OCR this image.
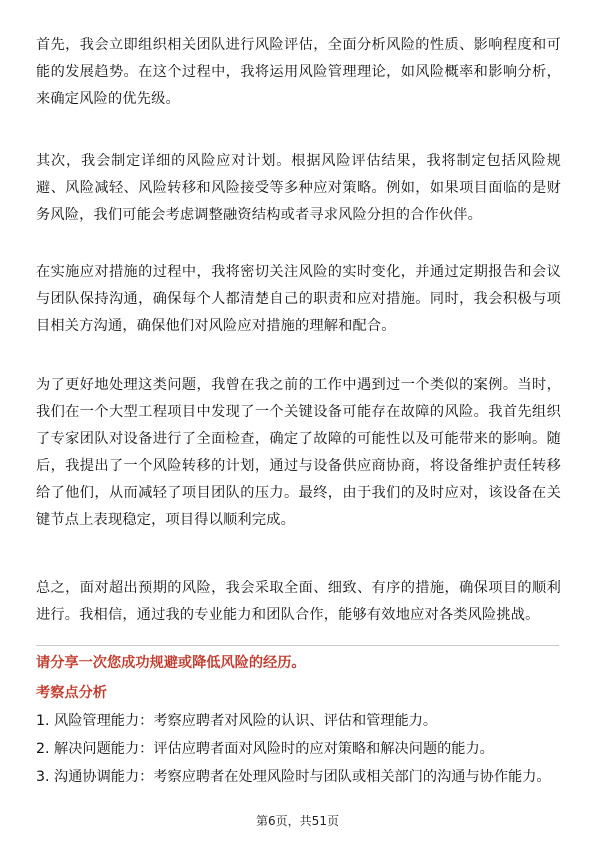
首先，我会立即组织相关团队进行风险评估，全面分析风险的性质、影响程度和可能的发展趋势。在这个过程中，我将运用风险管理理论，如风险概率和影响分析，来确定风险的优先级。

其次，我会制定详细的风险应对计划。根据风险评估结果，我将制定包括风险规避、风险减轻、风险转移和风险接受等多种应对策略。例如，如果项目面临的是财务风险，我们可能会考虑调整融资结构或者寻求风险分担的合作伙伴。

在实施应对措施的过程中，我将密切关注风险的实时变化，并通过定期报告和会议与团队保持沟通，确保每个人都清楚自己的职责和应对措施。同时，我会积极与项目相关方沟通，确保他们对风险应对措施的理解和配合。

为了更好地处理这类问题，我曾在我之前的工作中遇到过一个类似的案例。当时，我们在一个大型工程项目中发现了一个关键设备可能存在故障的风险。我首先组织了专家团队对设备进行了全面检查，确定了故障的可能性以及可能带来的影响。随后，我提出了一个风险转移的计划，通过与设备供应商协商，将设备维护责任转移给了他们，从而减轻了项目团队的压力。最终，由于我们的及时应对，该设备在关键节点上表现稳定，项目得以顺利完成。

总之，面对超出预期的风险，我会采取全面、细致、有序的措施，确保项目的顺利进行。我相信，通过我的专业能力和团队合作，能够有效地应对各类风险挑战。

请分享一次您成功规避或降低风险的经历。

考察点分析

1. 风险管理能力：考察应聘者对风险的认识、评估和管理能力。
2. 解决问题能力：评估应聘者面对风险时的应对策略和解决问题的能力。
3. 沟通协调能力：考察应聘者在处理风险时与团队或相关部门的沟通与协作能力。
第6页，共51页
